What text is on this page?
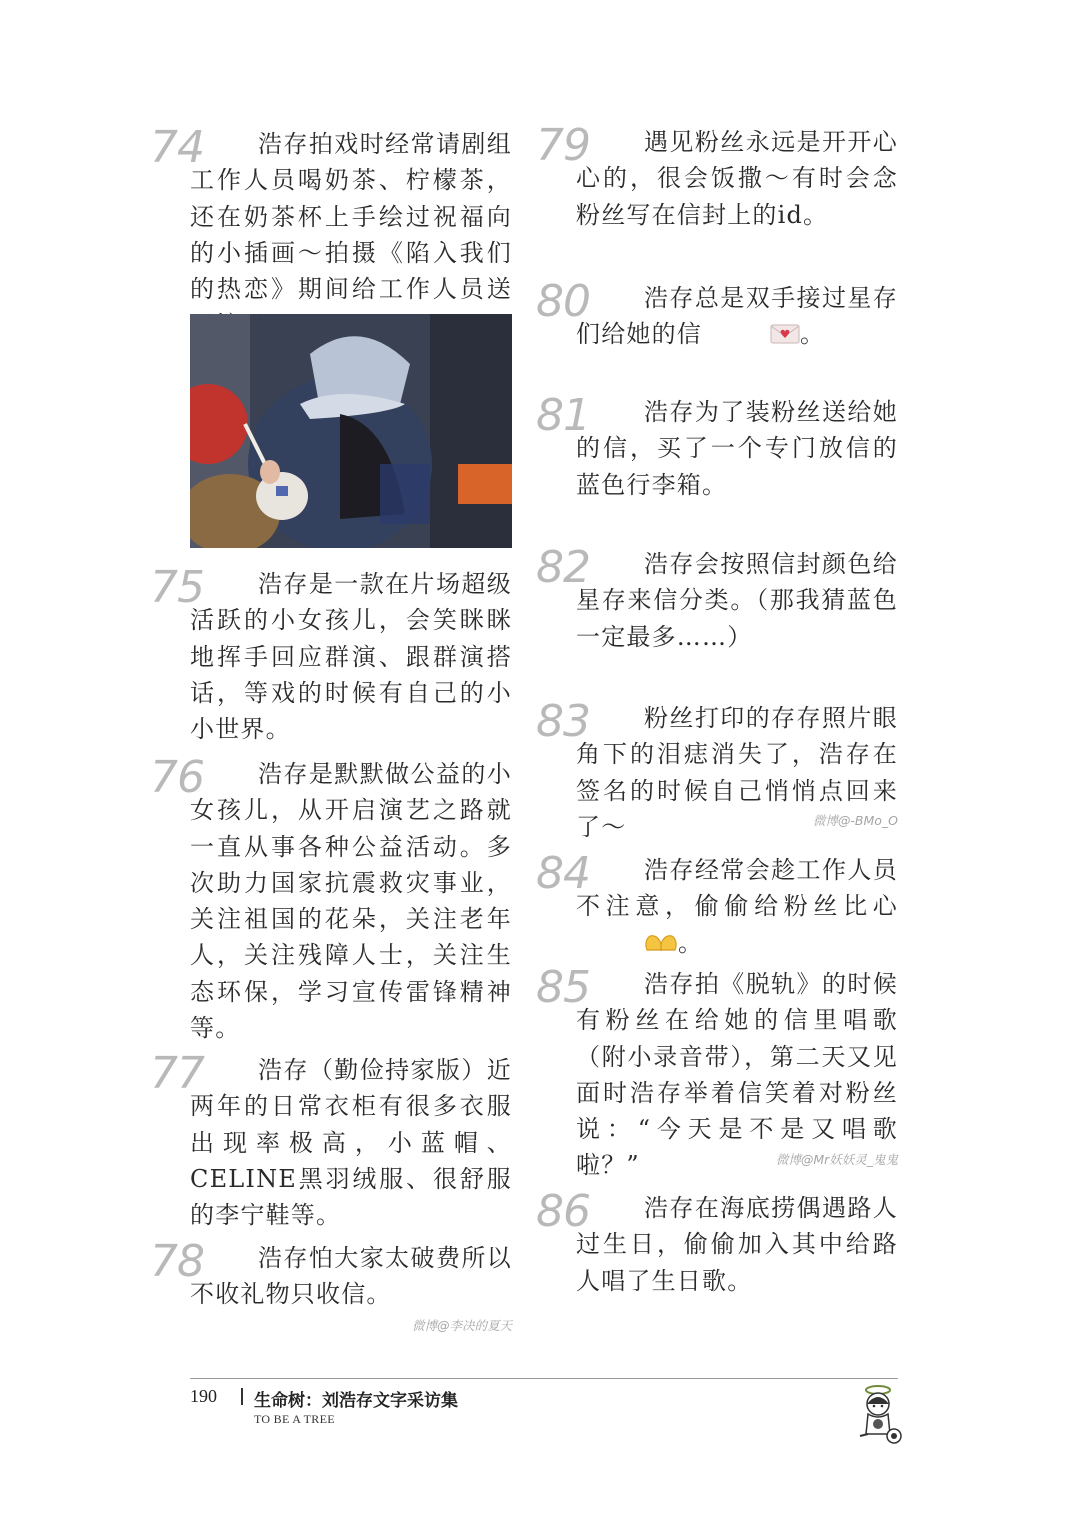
74	浩存拍戏时经常请剧组工作人员喝奶茶、柠檬茶，还在奶茶杯上手绘过祝福向的小插画～拍摄《陷入我们的热恋》期间给工作人员送

75	浩存是一款在片场超级活跃的小女孩儿，会笑眯眯地挥手回应群演、跟群演搭话，等戏的时候有自己的小小世界。

76	浩存是默默做公益的小女孩儿，从开启演艺之路就一直从事各种公益活动。多次助力国家抗震救灾事业，关注祖国的花朵，关注老年人，关注残障人士，关注生态环保，学习宣传雷锋精神等。

77	浩存（勤俭持家版）近两年的日常衣柜有很多衣服出现率极高，小蓝帽、CELINE黑羽绒服、很舒服的李宁鞋等。

78	浩存怕大家太破费所以不收礼物只收信。

微博@李决的夏天
79	遇见粉丝永远是开开心心的，很会饭撒～有时会念粉丝写在信封上的id。

80	浩存总是双手接过星存们给她的信	。

81	浩存为了装粉丝送给她的信，买了一个专门放信的蓝色行李箱。

82	浩存会按照信封颜色给星存来信分类。（那我猜蓝色一定最多……）

83	粉丝打印的存存照片眼角下的泪痣消失了，浩存在签名的时候自己悄悄点回来了～	微博@-BMo_O
84	浩存经常会趁工作人员不注意，偷偷给粉丝比心。

85	浩存拍《脱轨》的时候有粉丝在给她的信里唱歌（附小录音带），第二天又见面时浩存举着信笑着对粉丝说：“今天是不是又唱歌啦？”	微博@Mr妖妖灵_鬼鬼
86	浩存在海底捞偶遇路人过生日，偷偷加入其中给路人唱了生日歌。

190 生命树：刘浩存文字采访集
TO BE A TREE
